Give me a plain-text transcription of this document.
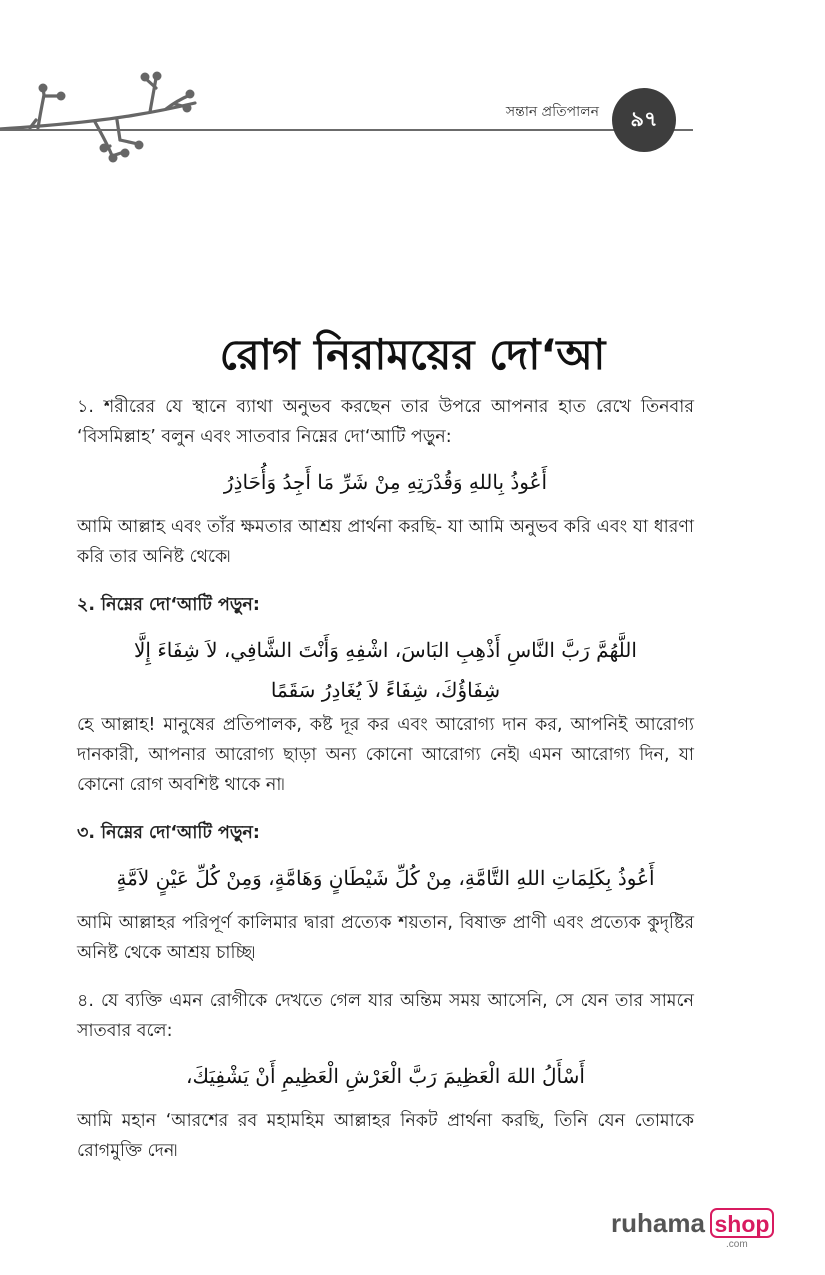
সন্তান প্রতিপালন	৯৭
রোগ নিরাময়ের দো‘আ

১. শরীরের যে স্থানে ব্যাথা অনুভব করছেন তার উপরে আপনার হাত রেখে তিনবার ‘বিসমিল্লাহ’ বলুন এবং সাতবার নিম্নের দো‘আটি পড়ুন:

أَعُوذُ بِاللهِ وَقُدْرَتِهِ مِنْ شَرِّ مَا أَجِدُ وَأُحَاذِرُ

আমি আল্লাহ এবং তাঁর ক্ষমতার আশ্রয় প্রার্থনা করছি- যা আমি অনুভব করি এবং যা ধারণা করি তার অনিষ্ট থেকে৷

২. নিম্নের দো‘আটি পড়ুন:

اللَّهُمَّ رَبَّ النَّاسِ أَذْهِبِ البَاسَ، اشْفِهِ وَأَنْتَ الشَّافِي، لاَ شِفَاءَ إِلَّا

شِفَاؤُكَ، شِفَاءً لاَ يُغَادِرُ سَقَمًا

হে আল্লাহ! মানুষের প্রতিপালক, কষ্ট দূর কর এবং আরোগ্য দান কর, আপনিই আরোগ্য দানকারী, আপনার আরোগ্য ছাড়া অন্য কোনো আরোগ্য নেই৷ এমন আরোগ্য দিন, যা কোনো রোগ অবশিষ্ট থাকে না৷

৩. নিম্নের দো‘আটি পড়ুন:

أَعُوذُ بِكَلِمَاتِ اللهِ التَّامَّةِ، مِنْ كُلِّ شَيْطَانٍ وَهَامَّةٍ، وَمِنْ كُلِّ عَيْنٍ لاَمَّةٍ

আমি আল্লাহর পরিপূর্ণ কালিমার দ্বারা প্রত্যেক শয়তান, বিষাক্ত প্রাণী এবং প্রত্যেক কুদৃষ্টির অনিষ্ট থেকে আশ্রয় চাচ্ছি৷

৪. যে ব্যক্তি এমন রোগীকে দেখতে গেল যার অন্তিম সময় আসেনি, সে যেন তার সামনে সাতবার বলে:

أَسْأَلُ اللهَ الْعَظِيمَ رَبَّ الْعَرْشِ الْعَظِيمِ أَنْ يَشْفِيَكَ،

আমি মহান ‘আরশের রব মহামহিম আল্লাহর নিকট প্রার্থনা করছি, তিনি যেন তোমাকে রোগমুক্তি দেন৷

ruhama shop
.com
